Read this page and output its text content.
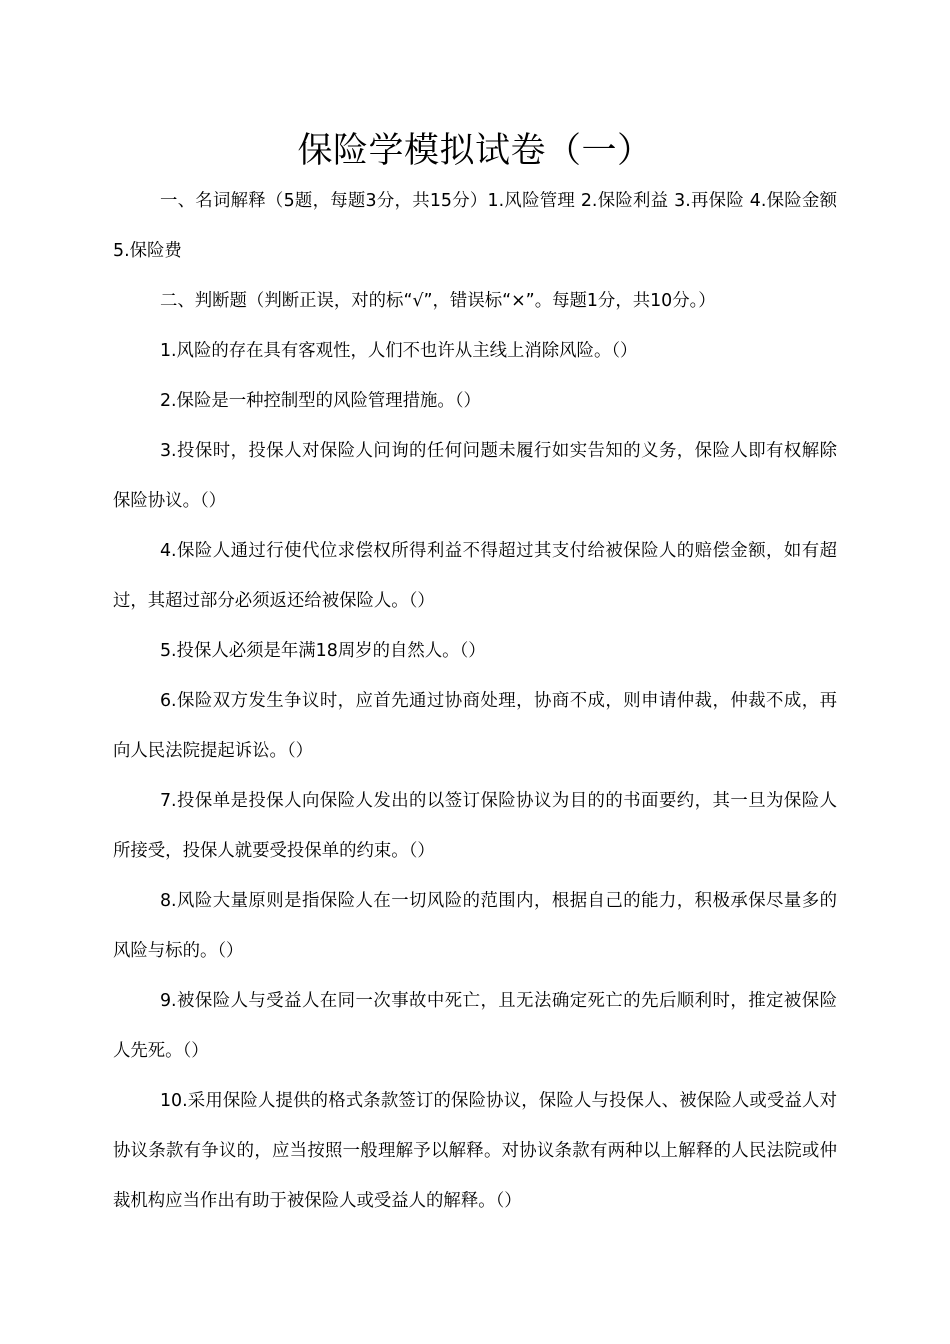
保险学模拟试卷（一）

一、名词解释（5题，每题3分，共15分）1.风险管理 2.保险利益 3.再保险 4.保险金额 5.保险费

二、判断题（判断正误，对的标“√”，错误标“×”。每题1分，共10分。）

1.风险的存在具有客观性，人们不也许从主线上消除风险。（）

2.保险是一种控制型的风险管理措施。（）

3.投保时，投保人对保险人问询的任何问题未履行如实告知的义务，保险人即有权解除保险协议。（）

4.保险人通过行使代位求偿权所得利益不得超过其支付给被保险人的赔偿金额，如有超过，其超过部分必须返还给被保险人。（）

5.投保人必须是年满18周岁的自然人。（）

6.保险双方发生争议时，应首先通过协商处理，协商不成，则申请仲裁，仲裁不成，再向人民法院提起诉讼。（）

7.投保单是投保人向保险人发出的以签订保险协议为目的的书面要约，其一旦为保险人所接受，投保人就要受投保单的约束。（）

8.风险大量原则是指保险人在一切风险的范围内，根据自己的能力，积极承保尽量多的风险与标的。（）

9.被保险人与受益人在同一次事故中死亡，且无法确定死亡的先后顺利时，推定被保险人先死。（）

10.采用保险人提供的格式条款签订的保险协议，保险人与投保人、被保险人或受益人对协议条款有争议的，应当按照一般理解予以解释。对协议条款有两种以上解释的人民法院或仲裁机构应当作出有助于被保险人或受益人的解释。（）
